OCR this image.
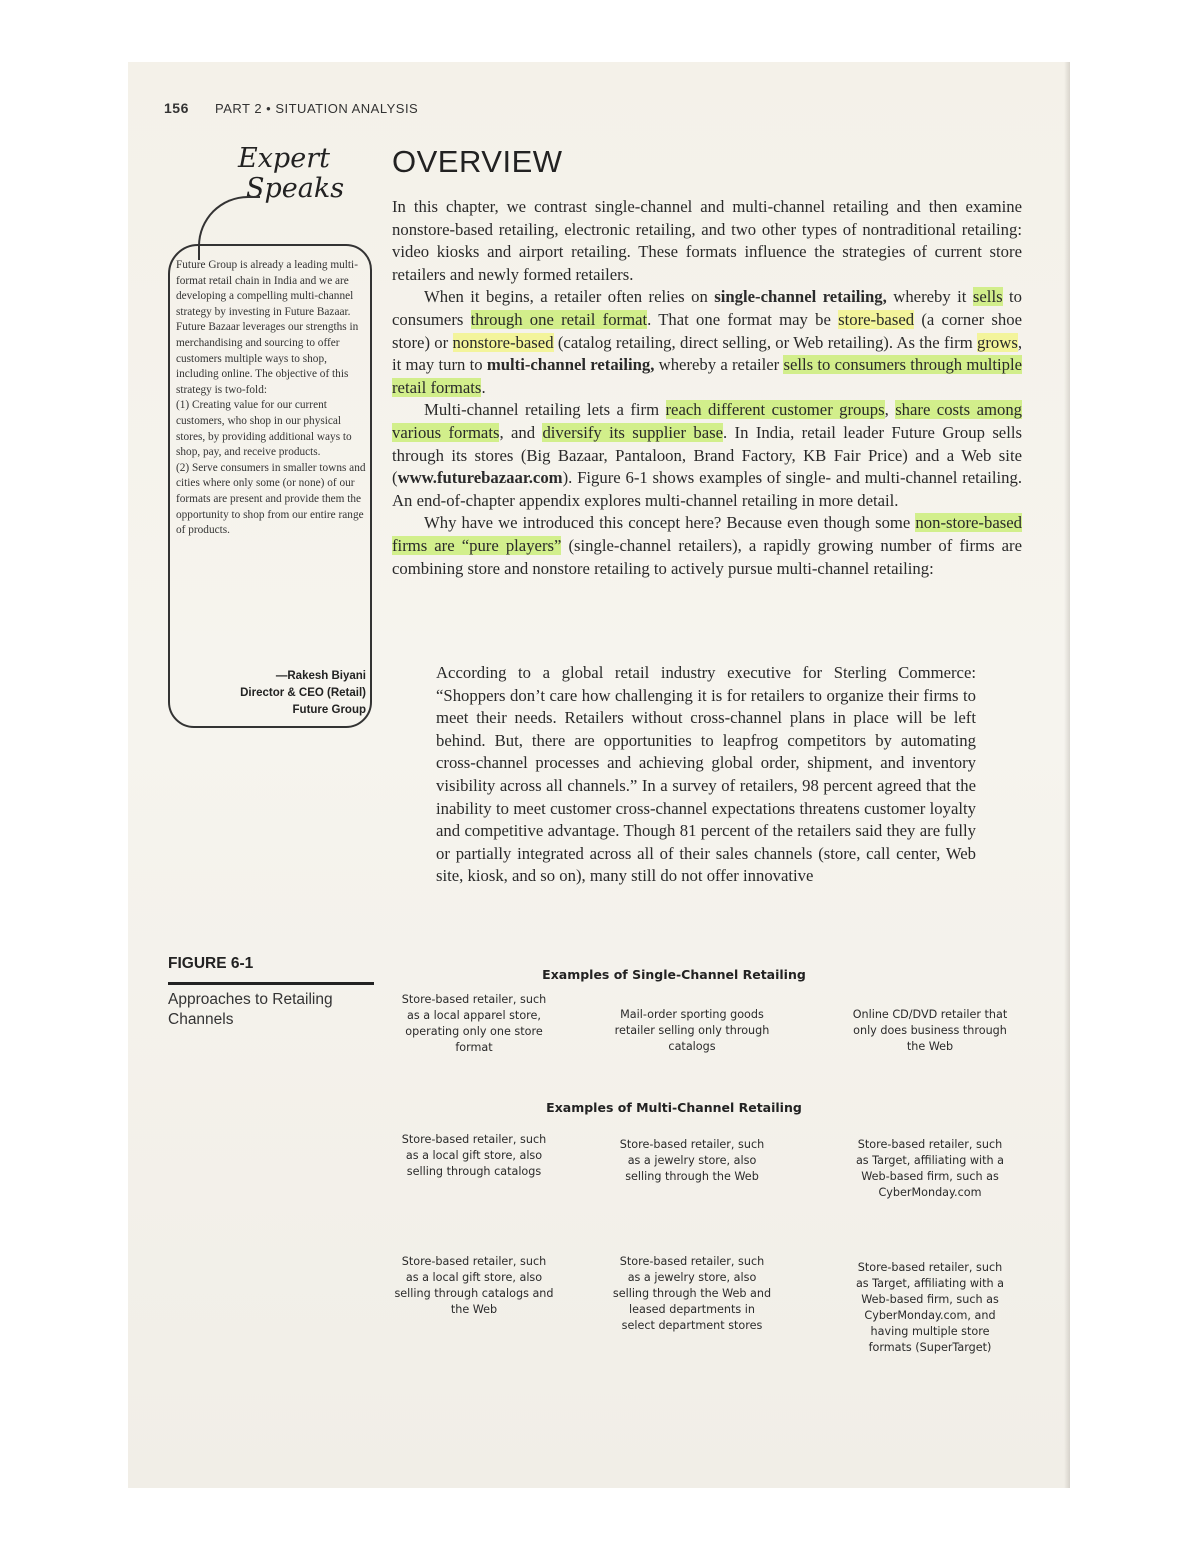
156 PART 2 • SITUATION ANALYSIS
Expert
Speaks

Future Group is already a leading multi-format retail chain in India and we are developing a compelling multi-channel strategy by investing in Future Bazaar. Future Bazaar leverages our strengths in merchandising and sourcing to offer customers multiple ways to shop, including online. The objective of this strategy is two-fold:

(1) Creating value for our current customers, who shop in our physical stores, by providing additional ways to shop, pay, and receive products.

(2) Serve consumers in smaller towns and cities where only some (or none) of our formats are present and provide them the opportunity to shop from our entire range of products.

—Rakesh Biyani
Director & CEO (Retail)
Future Group
OVERVIEW

In this chapter, we contrast single-channel and multi-channel retailing and then examine nonstore-based retailing, electronic retailing, and two other types of nontraditional retailing: video kiosks and airport retailing. These formats influence the strategies of current store retailers and newly formed retailers.

When it begins, a retailer often relies on single-channel retailing, whereby it sells to consumers through one retail format. That one format may be store-based (a corner shoe store) or nonstore-based (catalog retailing, direct selling, or Web retailing). As the firm grows, it may turn to multi-channel retailing, whereby a retailer sells to consumers through multiple retail formats.

Multi-channel retailing lets a firm reach different customer groups, share costs among various formats, and diversify its supplier base. In India, retail leader Future Group sells through its stores (Big Bazaar, Pantaloon, Brand Factory, KB Fair Price) and a Web site (www.futurebazaar.com). Figure 6-1 shows examples of single- and multi-channel retailing. An end-of-chapter appendix explores multi-channel retailing in more detail.

Why have we introduced this concept here? Because even though some non-store-based firms are “pure players” (single-channel retailers), a rapidly growing number of firms are combining store and nonstore retailing to actively pursue multi-channel retailing:

According to a global retail industry executive for Sterling Commerce: “Shoppers don’t care how challenging it is for retailers to organize their firms to meet their needs. Retailers without cross-channel plans in place will be left behind. But, there are opportunities to leapfrog competitors by automating cross-channel processes and achieving global order, shipment, and inventory visibility across all channels.” In a survey of retailers, 98 percent agreed that the inability to meet customer cross-channel expectations threatens customer loyalty and competitive advantage. Though 81 percent of the retailers said they are fully or partially integrated across all of their sales channels (store, call center, Web site, kiosk, and so on), many still do not offer innovative

FIGURE 6-1
Approaches to Retailing Channels
Examples of Single-Channel Retailing
Store-based retailer, such as a local apparel store, operating only one store format
Mail-order sporting goods retailer selling only through catalogs
Online CD/DVD retailer that only does business through the Web
Examples of Multi-Channel Retailing
Store-based retailer, such as a local gift store, also selling through catalogs
Store-based retailer, such as a jewelry store, also selling through the Web
Store-based retailer, such as Target, affiliating with a Web-based firm, such as CyberMonday.com
Store-based retailer, such as a local gift store, also selling through catalogs and the Web
Store-based retailer, such as a jewelry store, also selling through the Web and leased departments in select department stores
Store-based retailer, such as Target, affiliating with a Web-based firm, such as CyberMonday.com, and having multiple store formats (SuperTarget)
